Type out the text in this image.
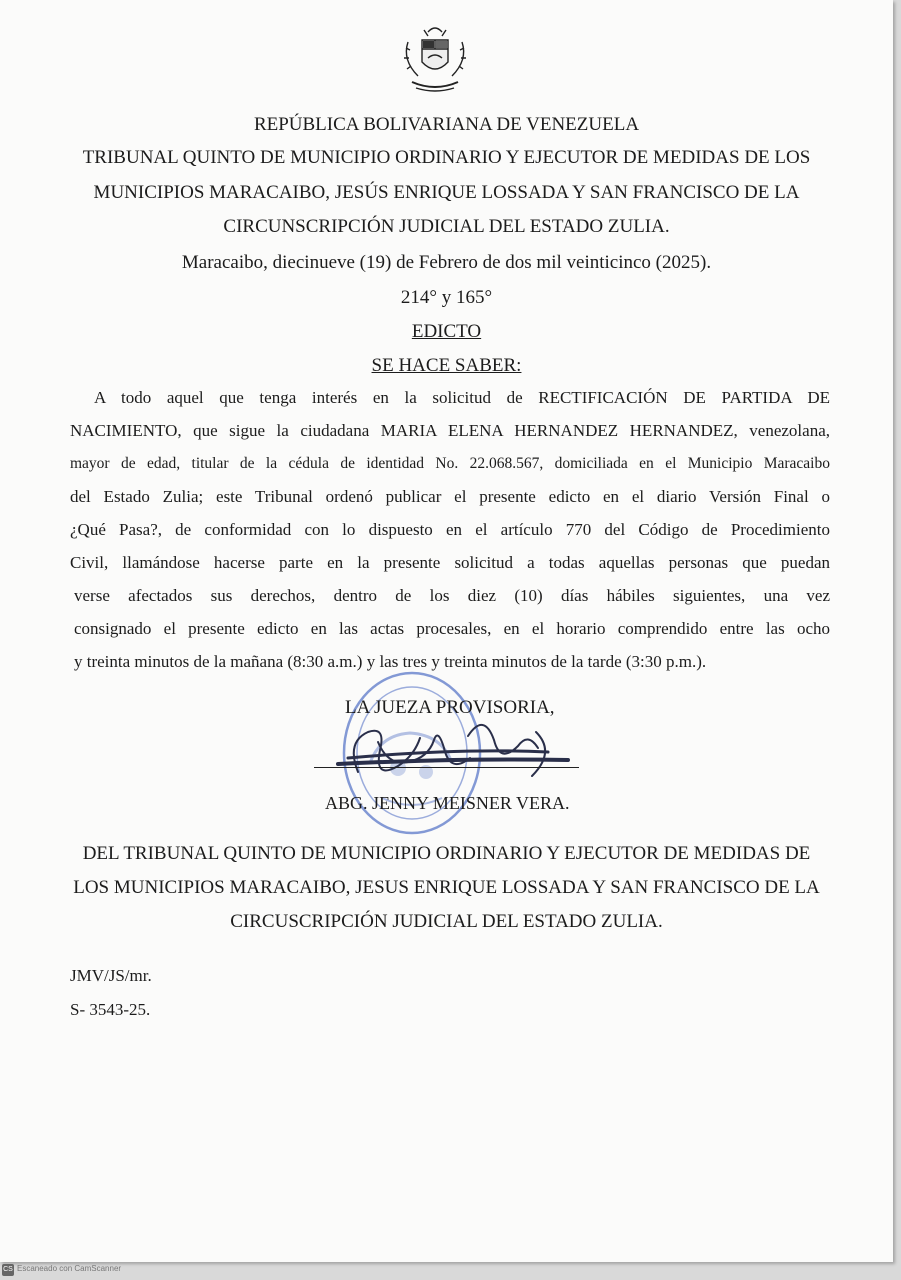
REPÚBLICA BOLIVARIANA DE VENEZUELA
TRIBUNAL QUINTO DE MUNICIPIO ORDINARIO Y EJECUTOR DE MEDIDAS DE LOS
MUNICIPIOS MARACAIBO, JESÚS ENRIQUE LOSSADA Y SAN FRANCISCO DE LA
CIRCUNSCRIPCIÓN JUDICIAL DEL ESTADO ZULIA.
Maracaibo, diecinueve (19) de Febrero de dos mil veinticinco (2025).
214° y 165°
EDICTO
SE HACE SABER:
A todo aquel que tenga interés en la solicitud de RECTIFICACIÓN DE PARTIDA DE
NACIMIENTO, que sigue la ciudadana MARIA ELENA HERNANDEZ HERNANDEZ, venezolana,
mayor de edad, titular de la cédula de identidad No. 22.068.567, domiciliada en el Municipio Maracaibo
del Estado Zulia; este Tribunal ordenó publicar el presente edicto en el diario Versión Final o
¿Qué Pasa?, de conformidad con lo dispuesto en el artículo 770 del Código de Procedimiento
Civil, llamándose hacerse parte en la presente solicitud a todas aquellas personas que puedan
verse afectados sus derechos, dentro de los diez (10) días hábiles siguientes, una vez
consignado el presente edicto en las actas procesales, en el horario comprendido entre las ocho
y treinta minutos de la mañana (8:30 a.m.) y las tres y treinta minutos de la tarde (3:30 p.m.).
LA JUEZA PROVISORIA,
ABG. JENNY MEISNER VERA.
DEL TRIBUNAL QUINTO DE MUNICIPIO ORDINARIO Y EJECUTOR DE MEDIDAS DE
LOS MUNICIPIOS MARACAIBO, JESUS ENRIQUE LOSSADA Y SAN FRANCISCO DE LA
CIRCUSCRIPCIÓN JUDICIAL DEL ESTADO ZULIA.
JMV/JS/mr.
S- 3543-25.
CS Escaneado con CamScanner
